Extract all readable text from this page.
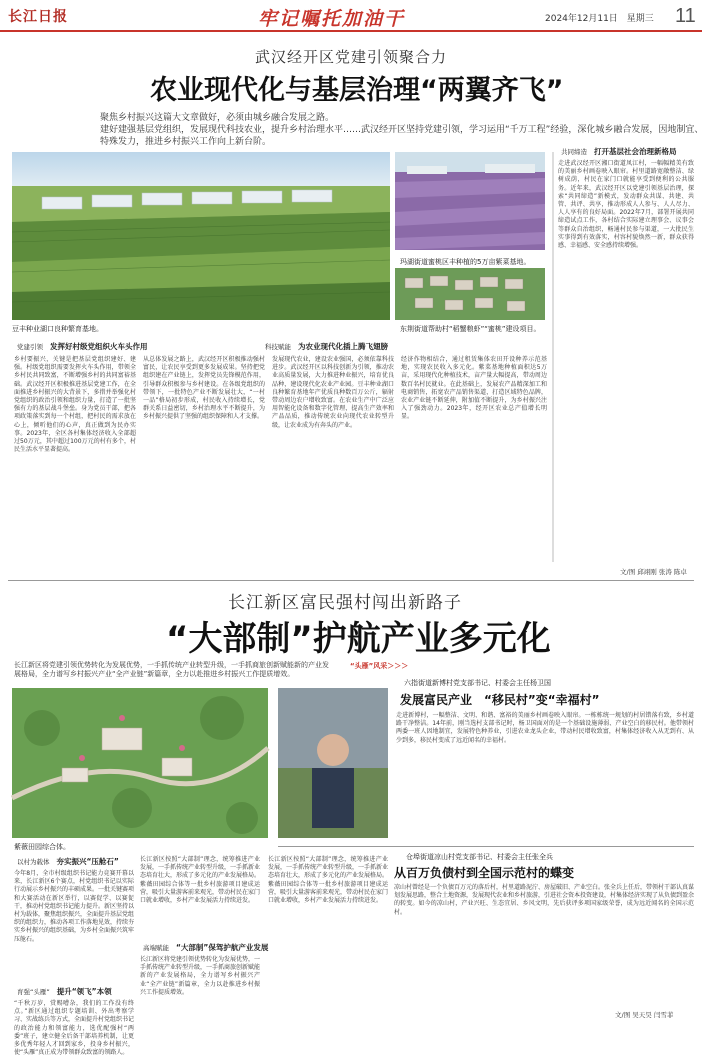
长江日报	牢记嘱托加油干	2024年12月11日　星期三 11
武汉经开区党建引领聚合力
农业现代化与基层治理“两翼齐飞”
聚焦乡村振兴这篇大文章做好，必须由城乡融合发展之路。
建好建强基层党组织，发展现代科技农业，提升乡村治理水平……武汉经开区坚持党建引领，学习运用“千万工程”经验，深化城乡融合发展，因地制宜、
特殊发力，推进乡村振兴工作向上新台阶。
豆丰种业湖口良种繁育基地。
玛湖街道蜜桃区丰种植的5万亩紫菜基地。
东荆街道帮助村“稻蟹粮虾”“蜜桃”建设项目。
共同缔造 打开基层社会治理新格局
走进武汉经开区湘口街道凤江村，一幅幅精美有致的美丽乡村画卷映入眼帘。村里道路宽敞整洁、绿树成荫，村民在家门口就能享受到便利的公共服务。近年来，武汉经开区以党建引领基层治理，探索“共同缔造”新模式，发动群众共谋、共建、共管、共评、共享，推动形成人人参与、人人尽力、人人享有的良好局面。2022年7月，部署开展共同缔造试点工作，各村结合实际建立理事会、议事会等群众自治组织，畅通村民参与渠道，一大批民生实事得到有效落实，村容村貌焕然一新，群众获得感、幸福感、安全感持续增强。
党建引领 发挥好村级党组织火车头作用	科技赋能 为农业现代化插上腾飞翅膀
乡村要振兴，关键是把基层党组织建好、建强。村级党组织需要发挥火车头作用，带领全乡村民共同致富，不断增强乡村的共同富裕基础。武汉经开区积极推进基层党建工作，在全面推进乡村振兴的大背景下，多措并举强化村党组织的政治引领和组织力量，打造了一批坚强有力的基层战斗堡垒。身为党员干部，把各项政策落实到每一个村组，把村民的需求放在心上，倾听他们的心声，真正做到为民办实事。2023年，全区各村集体经济收入全部超过50万元，其中超过100万元的村有多个，村民生活水平显著提高。
从总体发展之路上，武汉经开区积极推动强村富民，让农民享受到更多发展成果。坚持把党组织建在产业链上，发挥党员先锋模范作用，引导群众积极参与乡村建设。在各级党组织的带领下，一批特色产业不断发展壮大，“一村一品”格局初步形成，村民收入持续增长，党群关系日益密切，乡村治理水平不断提升，为乡村振兴提供了坚强的组织保障和人才支撑。
发展现代农业，建设农业强国，必须依靠科技进步。武汉经开区以科技创新为引领，推动农业高质量发展，大力推进种业振兴，培育优良品种，建设现代化农业产业园。豆丰种业湖口良种繁育基地年产优质良种数百万公斤，辐射带动周边农户增收致富。在农业生产中广泛应用智能化设备和数字化管理，提高生产效率和产品品质，推动传统农业向现代农业转型升级，让农业成为有奔头的产业。
经济作物相结合，通过租赁集体农田开设种养示范基地，实现农民收入多元化。紫菜基地种植面积达5万亩，采用现代化种植技术，亩产量大幅提高，带动周边数百名村民就业。在此基础上，发展农产品精深加工和电商销售，拓宽农产品销售渠道，打造区域特色品牌，农业产业链不断延伸，附加值不断提升，为乡村振兴注入了强劲动力。2023年，经开区农业总产值增长明显。
文/图 邱翊刚 张涛 陈卓
长江新区富民强村闯出新路子
“大部制”护航产业多元化
长江新区将党建引领优势转化为发展优势，一手抓传统产业转型升级，一手抓商旅创新赋能新的产业发展格局，全力谱写乡村振兴产业“全产业链”新篇章，全力以赴推进乡村振兴工作提质增效。
紫薇田园综合体。
“头雁”风采＞＞＞
六指街道新博村党支部书记、村委会主任杨卫国
发展富民产业　“移民村”变“幸福村”
走进新博村，一幅整洁、文明、和谐、富裕的美丽乡村画卷映入眼帘。一栋栋统一规划的村居错落有致，乡村道路干净整洁。14年前，刚当选村支部书记时，杨卫国面对的是一个基础设施薄弱、产业空白的移民村。他带领村两委一班人因地制宜，发展特色种养业，引进农业龙头企业，带动村民增收致富，村集体经济收入从无到有、从少到多，移民村变成了远近闻名的幸福村。
仓埠街道凉山村党支部书记、村委会主任张全兵
从百万负债村到全国示范村的蝶变
凉山村曾经是一个负债百万元的落后村，村里道路泥泞、房屋破旧、产业空白。张全兵上任后，带领村干部认真谋划发展思路，整合土地资源，发展现代农业和乡村旅游，引进社会资本投资建设，村集体经济实现了从负债到盈余的转变。如今的凉山村，产业兴旺、生态宜居、乡风文明，先后获评多项国家级荣誉，成为远近闻名的全国示范村。
文/图 吴天昊 闫雪菲
以村为载体 夯实振兴“压舱石”
今年8月，全市村级组织书记能力竞赛开幕以来，长江新区6个赛点，村党组织书记以实际行动展示乡村振兴的丰硕成果。一批关键赛项和大赛活动在新区举行，以赛促学、以赛促干，推动村党组织书记能力提升。新区坚持以村为载体，聚焦组织振兴，全面提升基层党组织的组织力，推动各项工作落地见效，持续夯实乡村振兴的组织基础，为乡村全面振兴筑牢压舱石。
育强“头雁” 提升“领飞”本领
“千秋万岁，赏赐嘈杂，我们的工作没有终点。”新区通过组织专题培训、外出考察学习、实战练兵等方式，全面提升村党组织书记的政治能力和领富能力，选优配强村“两委”班子，建立健全后备干部培养机制，让更多优秀年轻人才回到家乡，投身乡村振兴，使“头雁”真正成为带领群众致富的领路人。
长江新区按照“大部制”理念，统筹推进产业发展，一手抓传统产业转型升级，一手抓新业态培育壮大，形成了多元化的产业发展格局。紫薇田园综合体等一批乡村旅游项目建成运营，吸引大量游客前来观光，带动村民在家门口就业增收，乡村产业发展活力持续迸发。
高端赋能 “大部制”保驾护航产业发展
长江新区将党建引领优势转化为发展优势，一手抓传统产业转型升级，一手抓商旅创新赋能新的产业发展格局，全力谱写乡村振兴产业“全产业链”新篇章，全力以赴推进乡村振兴工作提质增效。
长江新区按照“大部制”理念，统筹推进产业发展，一手抓传统产业转型升级，一手抓新业态培育壮大，形成了多元化的产业发展格局。紫薇田园综合体等一批乡村旅游项目建成运营，吸引大量游客前来观光，带动村民在家门口就业增收，乡村产业发展活力持续迸发。
